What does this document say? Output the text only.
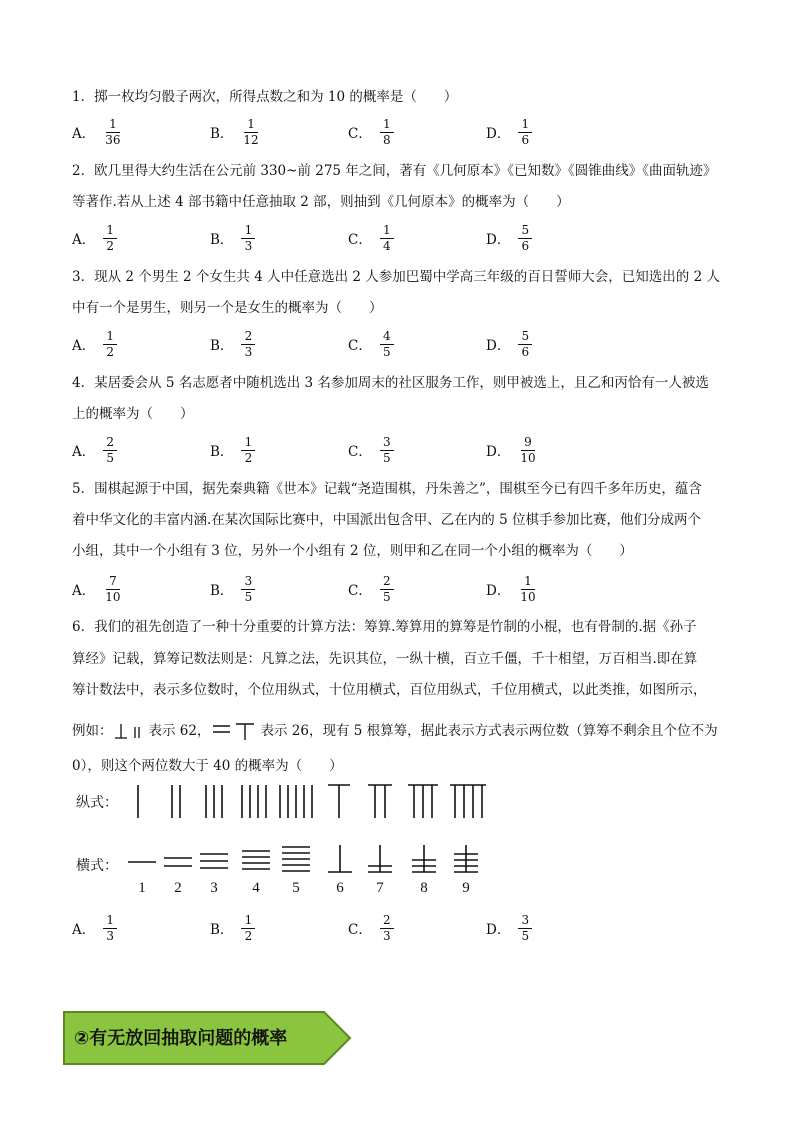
1．掷一枚均匀骰子两次，所得点数之和为 10 的概率是（　　）
A． $\frac{1}{36}$	B． $\frac{1}{12}$	C． $\frac{1}{8}$	D． $\frac{1}{6}$
2．欧几里得大约生活在公元前 330~前 275 年之间，著有《几何原本》《已知数》《圆锥曲线》《曲面轨迹》
等著作.若从上述 4 部书籍中任意抽取 2 部，则抽到《几何原本》的概率为（　　）
A． $\frac{1}{2}$	B． $\frac{1}{3}$	C． $\frac{1}{4}$	D． $\frac{5}{6}$
3．现从 2 个男生 2 个女生共 4 人中任意选出 2 人参加巴蜀中学高三年级的百日誓师大会，已知选出的 2 人
中有一个是男生，则另一个是女生的概率为（　　）
A． $\frac{1}{2}$	B． $\frac{2}{3}$	C． $\frac{4}{5}$	D． $\frac{5}{6}$
4．某居委会从 5 名志愿者中随机选出 3 名参加周末的社区服务工作，则甲被选上，且乙和丙恰有一人被选
上的概率为（　　）
A． $\frac{2}{5}$	B． $\frac{1}{2}$	C． $\frac{3}{5}$	D． $\frac{9}{10}$
5．围棋起源于中国，据先秦典籍《世本》记载“尧造围棋，丹朱善之”，围棋至今已有四千多年历史，蕴含
着中华文化的丰富内涵.在某次国际比赛中，中国派出包含甲、乙在内的 5 位棋手参加比赛，他们分成两个
小组，其中一个小组有 3 位，另外一个小组有 2 位，则甲和乙在同一个小组的概率为（　　）
A． $\frac{7}{10}$	B． $\frac{3}{5}$	C． $\frac{2}{5}$	D． $\frac{1}{10}$
6．我们的祖先创造了一种十分重要的计算方法：筹算.筹算用的算筹是竹制的小棍，也有骨制的.据《孙子
算经》记载，算筹记数法则是：凡算之法，先识其位，一纵十横，百立千僵，千十相望，万百相当.即在算
筹计数法中，表示多位数时，个位用纵式，十位用横式，百位用纵式，千位用横式，以此类推，如图所示，
例如：	表示 62，	表示 26，现有 5 根算筹，据此表示方式表示两位数（算筹不剩余且个位不为
0），则这个两位数大于 40 的概率为（　　）
纵式：
横式：
1	2	3	4	5	6	7	8	9
A． $\frac{1}{3}$	B． $\frac{1}{2}$	C． $\frac{2}{3}$	D． $\frac{3}{5}$
②有无放回抽取问题的概率
